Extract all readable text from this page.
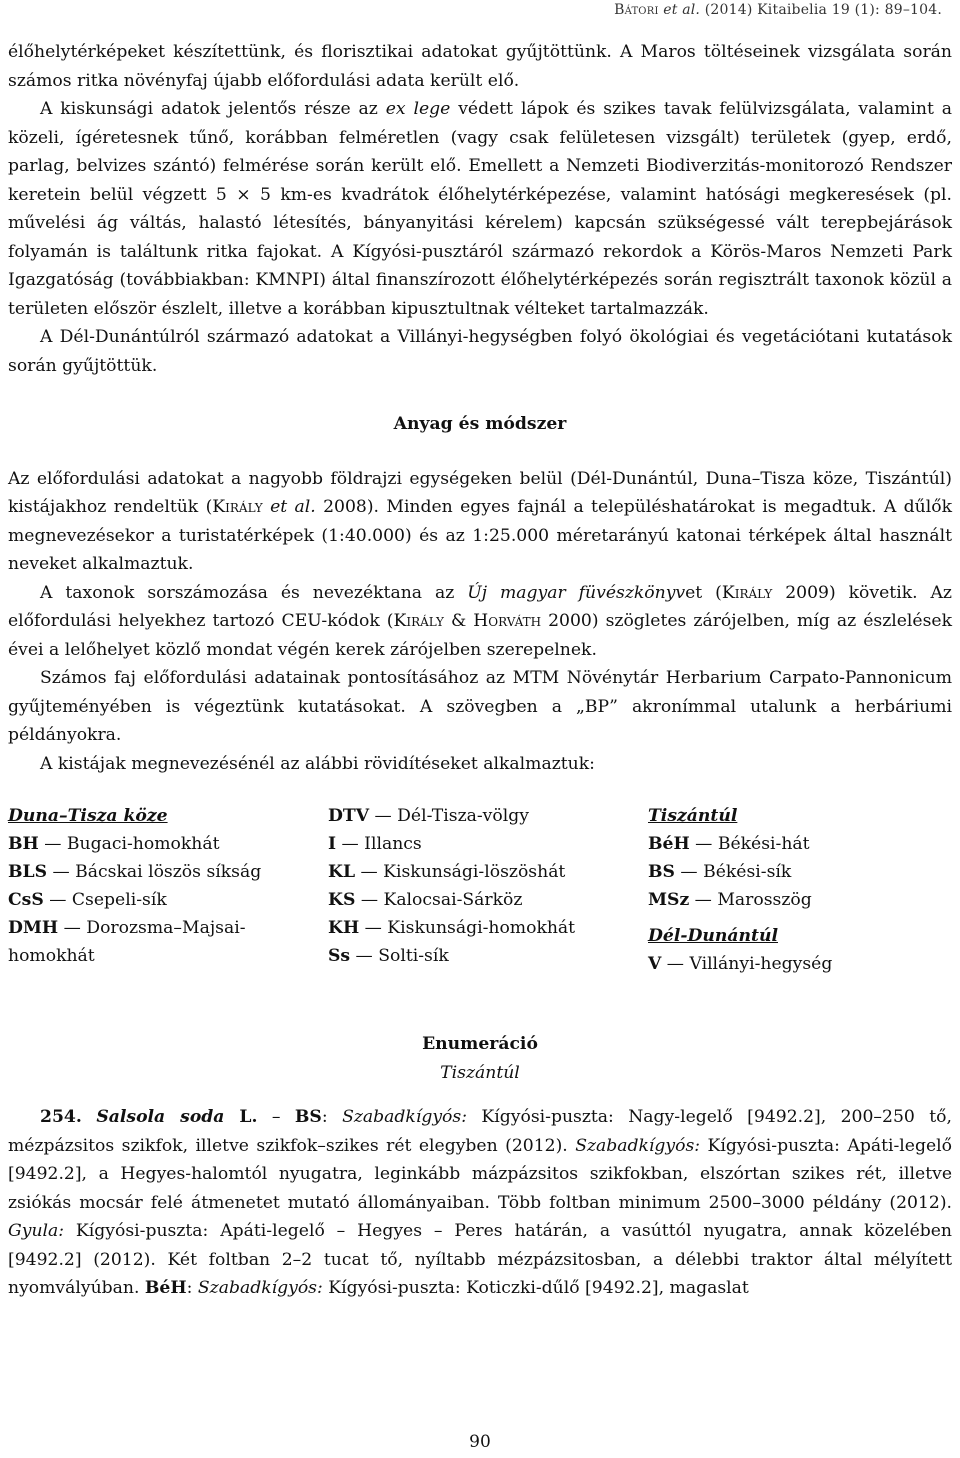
Bátori et al. (2014) Kitaibelia 19 (1): 89–104.

élőhelytérképeket készítettünk, és florisztikai adatokat gyűjtöttünk. A Maros töltéseinek vizsgálata során számos ritka növényfaj újabb előfordulási adata került elő.

A kiskunsági adatok jelentős része az ex lege védett lápok és szikes tavak felülvizsgálata, valamint a közeli, ígéretesnek tűnő, korábban felméretlen (vagy csak felületesen vizsgált) területek (gyep, erdő, parlag, belvizes szántó) felmérése során került elő. Emellett a Nemzeti Biodiverzitás-monitorozó Rendszer keretein belül végzett 5 × 5 km-es kvadrátok élőhelytérképezése, valamint hatósági megkeresések (pl. művelési ág váltás, halastó létesítés, bányanyitási kérelem) kapcsán szükségessé vált terepbejárások folyamán is találtunk ritka fajokat. A Kígyósi-pusztáról származó rekordok a Körös-Maros Nemzeti Park Igazgatóság (továbbiakban: KMNPI) által finanszírozott élőhelytérképezés során regisztrált taxonok közül a területen először észlelt, illetve a korábban kipusztultnak vélteket tartalmazzák.

A Dél-Dunántúlról származó adatokat a Villányi-hegységben folyó ökológiai és vegetációtani kutatások során gyűjtöttük.

Anyag és módszer

Az előfordulási adatokat a nagyobb földrajzi egységeken belül (Dél-Dunántúl, Duna–Tisza köze, Tiszántúl) kistájakhoz rendeltük (Király et al. 2008). Minden egyes fajnál a településhatárokat is megadtuk. A dűlők megnevezésekor a turistatérképek (1:40.000) és az 1:25.000 méretarányú katonai térképek által használt neveket alkalmaztuk.

A taxonok sorszámozása és nevezéktana az Új magyar füvészkönyvet (Király 2009) követik. Az előfordulási helyekhez tartozó CEU-kódok (Király & Horváth 2000) szögletes zárójelben, míg az észlelések évei a lelőhelyet közlő mondat végén kerek zárójelben szerepelnek.

Számos faj előfordulási adatainak pontosításához az MTM Növénytár Herbarium Carpato-Pannonicum gyűjteményében is végeztünk kutatásokat. A szövegben a „BP” akronímmal utalunk a herbáriumi példányokra.

A kistájak megnevezésénél az alábbi rövidítéseket alkalmaztuk:

Duna–Tisza köze
BH — Bugaci-homokhát
BLS — Bácskai löszös síkság
CsS — Csepeli-sík
DMH — Dorozsma–Majsai-homokhát
DTV — Dél-Tisza-völgy
I — Illancs
KL — Kiskunsági-löszöshát
KS — Kalocsai-Sárköz
KH — Kiskunsági-homokhát
Ss — Solti-sík
Tiszántúl
BéH — Békési-hát
BS — Békési-sík
MSz — Marosszög
Dél-Dunántúl
V — Villányi-hegység

Enumeráció

Tiszántúl

254. Salsola soda L. – BS: Szabadkígyós: Kígyósi-puszta: Nagy-legelő [9492.2], 200–250 tő, mézpázsitos szikfok, illetve szikfok–szikes rét elegyben (2012). Szabadkígyós: Kígyósi-puszta: Apáti-legelő [9492.2], a Hegyes-halomtól nyugatra, leginkább mázpázsitos szikfokban, elszórtan szikes rét, illetve zsiókás mocsár felé átmenetet mutató állományaiban. Több foltban minimum 2500–3000 példány (2012). Gyula: Kígyósi-puszta: Apáti-legelő – Hegyes – Peres határán, a vasúttól nyugatra, annak közelében [9492.2] (2012). Két foltban 2–2 tucat tő, nyíltabb mézpázsitosban, a délebbi traktor által mélyített nyomvályúban. BéH: Szabadkígyós: Kígyósi-puszta: Koticzki-dűlő [9492.2], magaslat

90
